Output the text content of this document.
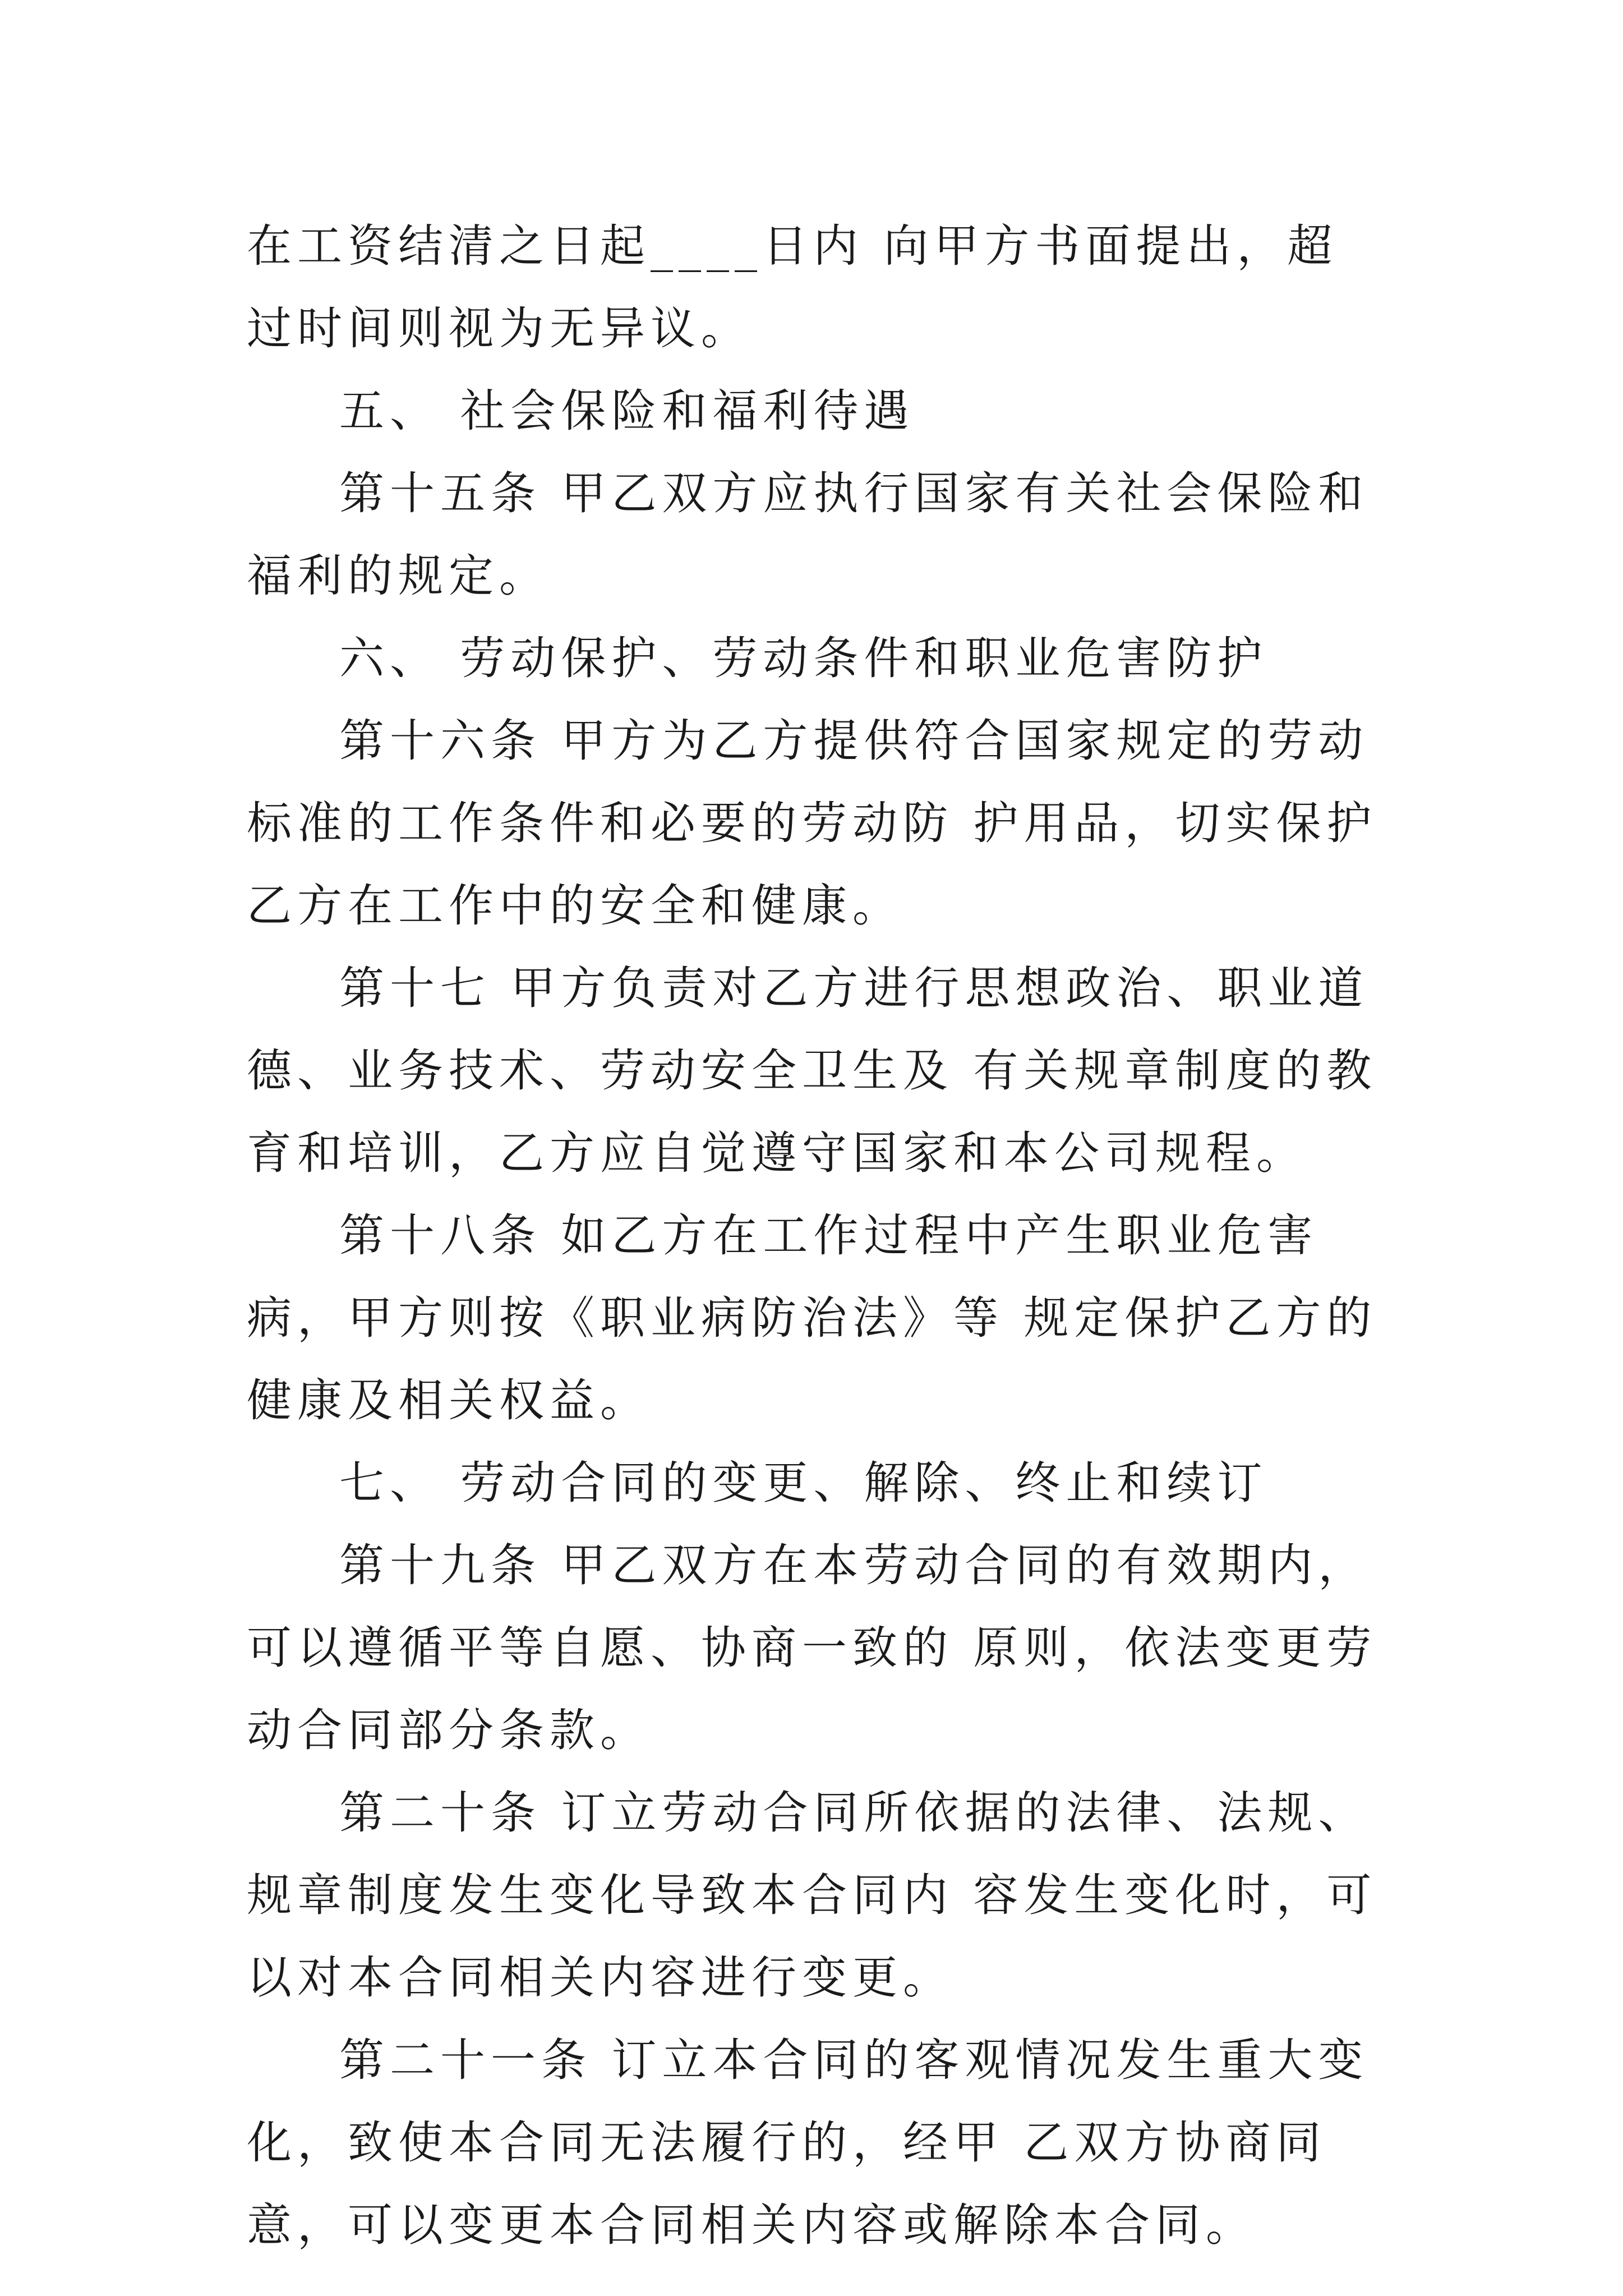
在工资结清之日起____日内 向甲方书面提出，超过时间则视为无异议。

五、 社会保险和福利待遇

第十五条 甲乙双方应执行国家有关社会保险和福利的规定。

六、 劳动保护、劳动条件和职业危害防护

第十六条 甲方为乙方提供符合国家规定的劳动标准的工作条件和必要的劳动防 护用品，切实保护乙方在工作中的安全和健康。

第十七 甲方负责对乙方进行思想政治、职业道德、业务技术、劳动安全卫生及 有关规章制度的教育和培训，乙方应自觉遵守国家和本公司规程。

第十八条 如乙方在工作过程中产生职业危害病，甲方则按《职业病防治法》等 规定保护乙方的健康及相关权益。

七、 劳动合同的变更、解除、终止和续订

第十九条 甲乙双方在本劳动合同的有效期内，可以遵循平等自愿、协商一致的 原则，依法变更劳动合同部分条款。

第二十条 订立劳动合同所依据的法律、法规、规章制度发生变化导致本合同内 容发生变化时，可以对本合同相关内容进行变更。

第二十一条 订立本合同的客观情况发生重大变化，致使本合同无法履行的，经甲 乙双方协商同意，可以变更本合同相关内容或解除本合同。
